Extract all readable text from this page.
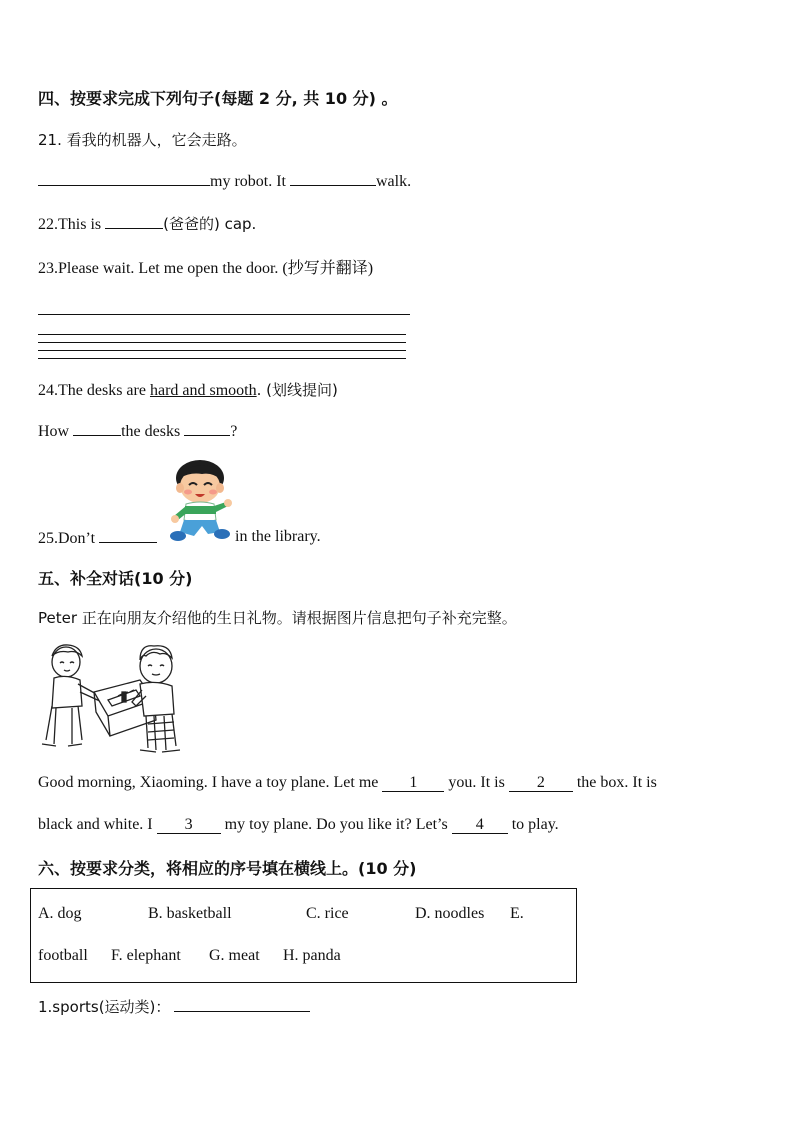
四、按要求完成下列句子(每题 2 分, 共 10 分) 。
21. 看我的机器人，它会走路。
my robot. It	walk.
22.This is	(爸爸的) cap.
23.Please wait. Let me open the door. (抄写并翻译)
24.The desks are hard and smooth. (划线提问)
How	the desks	?
25.Don’t	in the library.
五、补全对话(10 分)
Peter 正在向朋友介绍他的生日礼物。请根据图片信息把句子补充完整。
Good morning, Xiaoming. I have a toy plane. Let me 1 you. It is 2 the box. It is
black and white. I 3 my toy plane. Do you like it? Let’s 4 to play.
六、按要求分类，将相应的序号填在横线上。(10 分)
A. dog	B. basketball	C. rice	D. noodles E.
football F. elephant G. meat H. panda
1.sports(运动类)：
